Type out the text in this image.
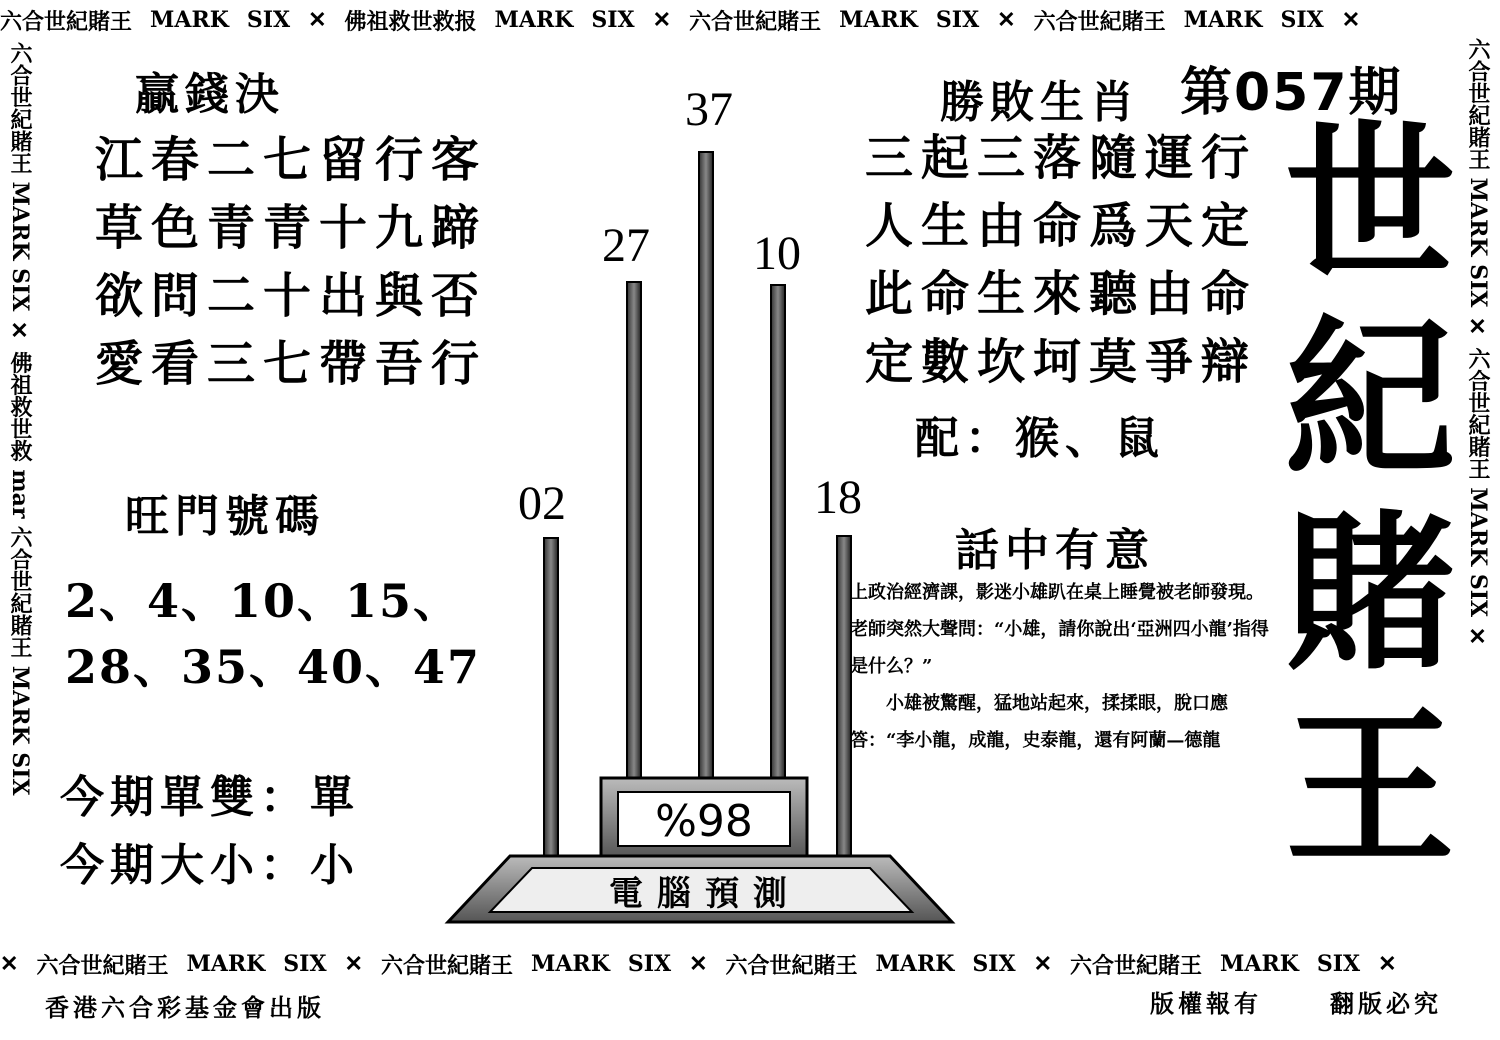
六合世紀賭王 MARK SIX ✕ 佛祖救世救报 MARK SIX ✕ 六合世紀賭王 MARK SIX ✕ 六合世紀賭王 MARK SIX ✕
✕ 六合世紀賭王 MARK SIX ✕ 六合世紀賭王 MARK SIX ✕ 六合世紀賭王 MARK SIX ✕ 六合世紀賭王 MARK SIX ✕
六合世紀賭王 MARK SIX ✕ 佛祖救世救 mar 六合世紀賭王 MARK SIX	六合世紀賭王 MARK SIX ✕ 六合世紀賭王 MARK SIX ✕
贏錢決
江春二七留行客
草色青青十九蹄
欲問二十出與否
愛看三七帶吾行
旺門號碼
2、4、10、15、
28、35、40、47
今期單雙：單
今期大小：小
02
27
37
10
18
%98
電腦預測
勝敗生肖 第057期
三起三落隨運行
人生由命爲天定
此命生來聽由命
定數坎坷莫爭辯
配：猴、鼠
話中有意

上政治經濟課，影迷小雄趴在桌上睡覺被老師發現。老師突然大聲問：“小雄，請你說出‘亞洲四小龍’指得是什么？”

　　小雄被驚醒，猛地站起來，揉揉眼，脫口應答：“李小龍，成龍，史泰龍，還有阿蘭—德龍

世
紀
賭
王
香港六合彩基金會出版	版權報有	翻版必究
